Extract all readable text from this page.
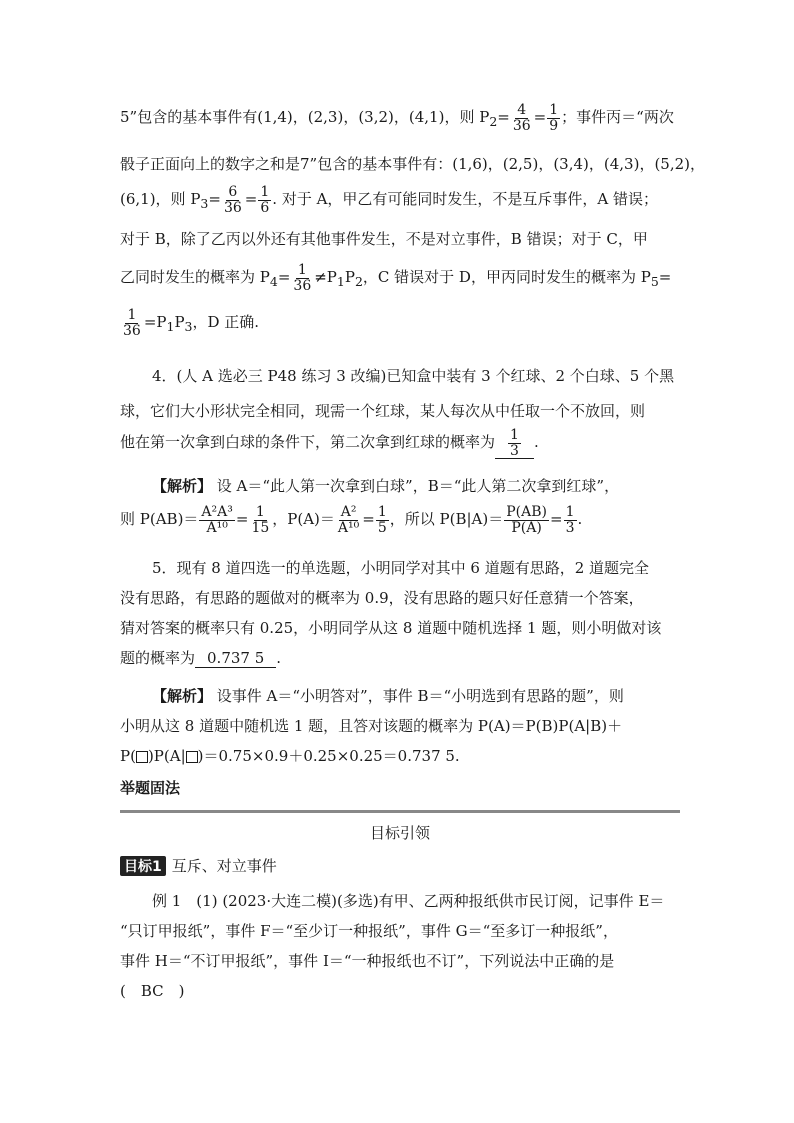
5”包含的基本事件有(1,4)，(2,3)，(3,2)，(4,1)，则 $P_2= \frac{4}{36} = \frac{1}{9}$ ；事件丙＝“两次
骰子正面向上的数字之和是7”包含的基本事件有：(1,6)，(2,5)，(3,4)，(4,3)，(5,2)，
(6,1)，则 $P_3= \frac{6}{36} = \frac{1}{6}$ . 对于 A，甲乙有可能同时发生，不是互斥事件，A 错误；
对于 B，除了乙丙以外还有其他事件发生，不是对立事件，B 错误；对于 C，甲
乙同时发生的概率为 $P_4= \frac{1}{36} \ne P_1P_2$，C 错误对于 D，甲丙同时发生的概率为 $P_5=$
$\frac{1}{36} =P_1P_3$，D 正确.
4．(人 A 选必三 P48 练习 3 改编)已知盒中装有 3 个红球、2 个白球、5 个黑
球，它们大小形状完全相同，现需一个红球，某人每次从中任取一个不放回，则
他在第一次拿到白球的条件下，第二次拿到红球的概率为 $\frac{1}{3}$ .
【解析】 设 A＝“此人第一次拿到白球”，B＝“此人第二次拿到红球”，
则 $P(AB)= \frac{\text{A²A³}}{\text{A¹⁰}} = \frac{1}{15}$ ，$P(A)= \frac{\text{A²}}{\text{A¹⁰}} = \frac{1}{5}$ ，所以 $P(B|A)= \frac{P(AB)}{P(A)} = \frac{1}{3}$ .
5．现有 8 道四选一的单选题，小明同学对其中 6 道题有思路，2 道题完全
没有思路，有思路的题做对的概率为 0.9，没有思路的题只好任意猜一个答案，
猜对答案的概率只有 0.25，小明同学从这 8 道题中随机选择 1 题，则小明做对该
题的概率为 0.737 5 .
【解析】 设事件 A＝“小明答对”，事件 B＝“小明选到有思路的题”，则
小明从这 8 道题中随机选 1 题，且答对该题的概率为 P(A)＝P(B)P(A|B)＋
P( )P(A| )＝0.75×0.9＋0.25×0.25＝0.737 5.
举题固法
目标引领
目标1 互斥、对立事件
例 1　(1) (2023·大连二模)(多选)有甲、乙两种报纸供市民订阅，记事件 E＝
“只订甲报纸”，事件 F＝“至少订一种报纸”，事件 G＝“至多订一种报纸”，
事件 H＝“不订甲报纸”，事件 I＝“一种报纸也不订”，下列说法中正确的是
(　BC　)
